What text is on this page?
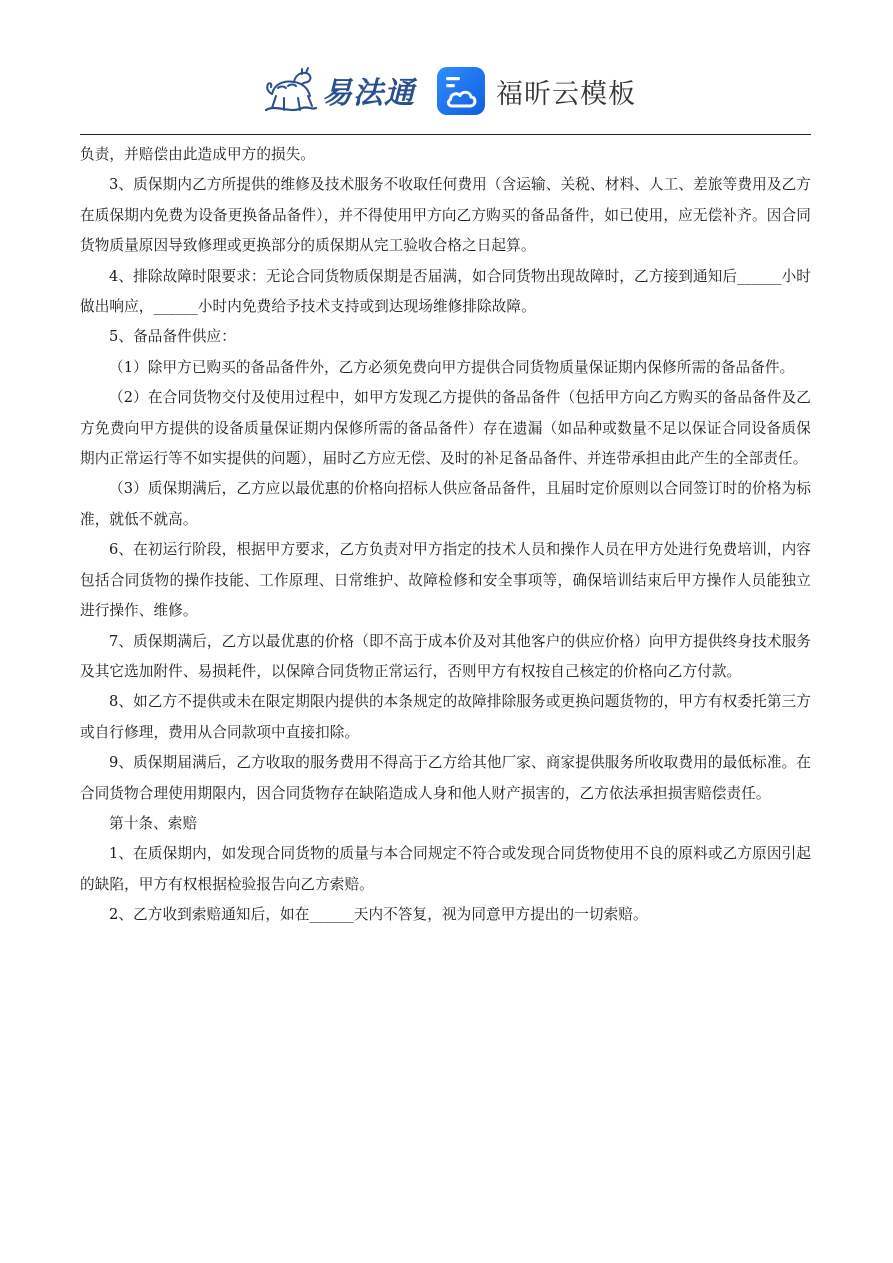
易法通	福昕云模板

负责，并赔偿由此造成甲方的损失。

3、质保期内乙方所提供的维修及技术服务不收取任何费用（含运输、关税、材料、人工、差旅等费用及乙方在质保期内免费为设备更换备品备件），并不得使用甲方向乙方购买的备品备件，如已使用，应无偿补齐。因合同货物质量原因导致修理或更换部分的质保期从完工验收合格之日起算。

4、排除故障时限要求：无论合同货物质保期是否届满，如合同货物出现故障时，乙方接到通知后______小时做出响应，______小时内免费给予技术支持或到达现场维修排除故障。

5、备品备件供应：

（1）除甲方已购买的备品备件外，乙方必须免费向甲方提供合同货物质量保证期内保修所需的备品备件。

（2）在合同货物交付及使用过程中，如甲方发现乙方提供的备品备件（包括甲方向乙方购买的备品备件及乙方免费向甲方提供的设备质量保证期内保修所需的备品备件）存在遗漏（如品种或数量不足以保证合同设备质保期内正常运行等不如实提供的问题），届时乙方应无偿、及时的补足备品备件、并连带承担由此产生的全部责任。

（3）质保期满后，乙方应以最优惠的价格向招标人供应备品备件，且届时定价原则以合同签订时的价格为标准，就低不就高。

6、在初运行阶段，根据甲方要求，乙方负责对甲方指定的技术人员和操作人员在甲方处进行免费培训，内容包括合同货物的操作技能、工作原理、日常维护、故障检修和安全事项等，确保培训结束后甲方操作人员能独立进行操作、维修。

7、质保期满后，乙方以最优惠的价格（即不高于成本价及对其他客户的供应价格）向甲方提供终身技术服务及其它选加附件、易损耗件，以保障合同货物正常运行，否则甲方有权按自己核定的价格向乙方付款。

8、如乙方不提供或未在限定期限内提供的本条规定的故障排除服务或更换问题货物的，甲方有权委托第三方或自行修理，费用从合同款项中直接扣除。

9、质保期届满后，乙方收取的服务费用不得高于乙方给其他厂家、商家提供服务所收取费用的最低标准。在合同货物合理使用期限内，因合同货物存在缺陷造成人身和他人财产损害的，乙方依法承担损害赔偿责任。

第十条、索赔

1、在质保期内，如发现合同货物的质量与本合同规定不符合或发现合同货物使用不良的原料或乙方原因引起的缺陷，甲方有权根据检验报告向乙方索赔。

2、乙方收到索赔通知后，如在______天内不答复，视为同意甲方提出的一切索赔。
